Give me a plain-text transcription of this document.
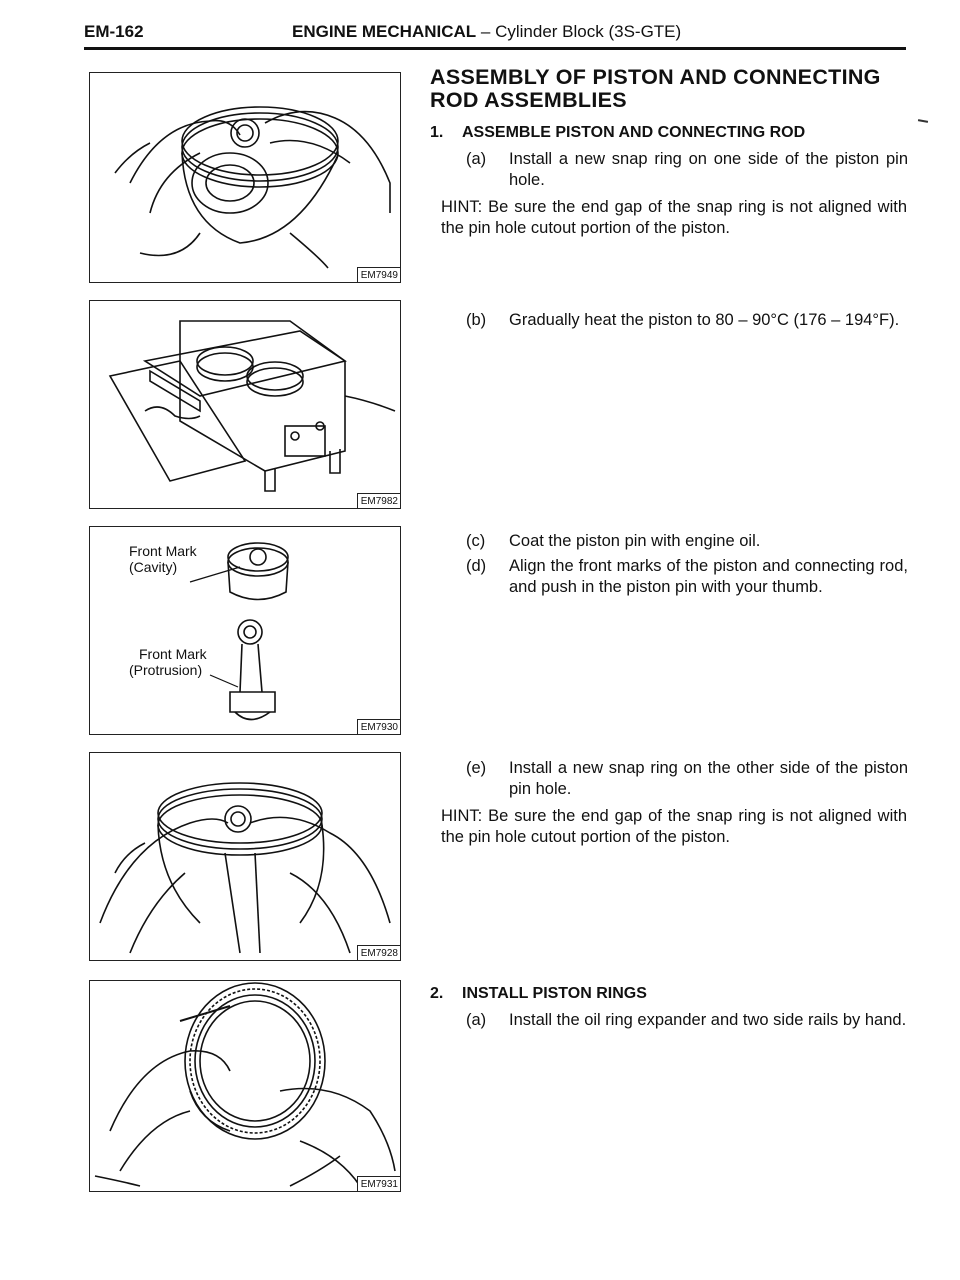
EM-162	ENGINE MECHANICAL – Cylinder Block (3S-GTE)
EM7949
EM7982
Front Mark
(Cavity)
Front Mark
(Protrusion)
EM7930
EM7928
EM7931
ASSEMBLY OF PISTON AND CONNECTING ROD ASSEMBLIES
1. ASSEMBLE PISTON AND CONNECTING ROD
(a) Install a new snap ring on one side of the piston pin hole.
HINT: Be sure the end gap of the snap ring is not aligned with the pin hole cutout portion of the piston.
(b) Gradually heat the piston to 80 – 90°C (176 – 194°F).
(c) Coat the piston pin with engine oil.
(d) Align the front marks of the piston and connecting rod, and push in the piston pin with your thumb.
(e) Install a new snap ring on the other side of the piston pin hole.
HINT: Be sure the end gap of the snap ring is not aligned with the pin hole cutout portion of the piston.
2. INSTALL PISTON RINGS
(a) Install the oil ring expander and two side rails by hand.
